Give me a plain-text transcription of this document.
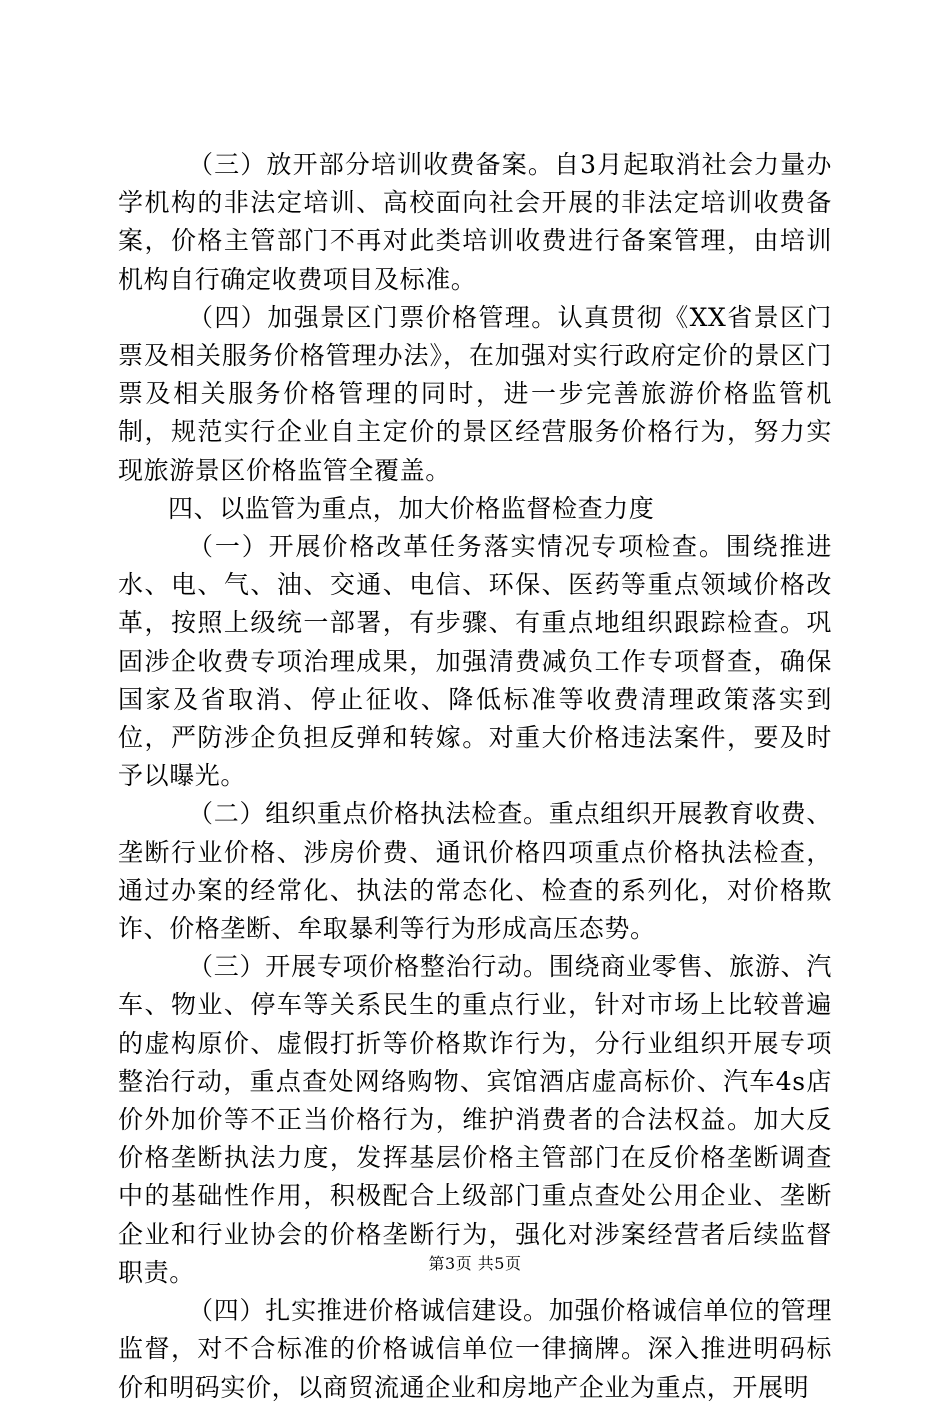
（三）放开部分培训收费备案。自3月起取消社会力量办学机构的非法定培训、高校面向社会开展的非法定培训收费备案，价格主管部门不再对此类培训收费进行备案管理，由培训机构自行确定收费项目及标准。

（四）加强景区门票价格管理。认真贯彻《XX省景区门票及相关服务价格管理办法》，在加强对实行政府定价的景区门票及相关服务价格管理的同时，进一步完善旅游价格监管机制，规范实行企业自主定价的景区经营服务价格行为，努力实现旅游景区价格监管全覆盖。

四、以监管为重点，加大价格监督检查力度

（一）开展价格改革任务落实情况专项检查。围绕推进水、电、气、油、交通、电信、环保、医药等重点领域价格改革，按照上级统一部署，有步骤、有重点地组织跟踪检查。巩固涉企收费专项治理成果，加强清费减负工作专项督查，确保国家及省取消、停止征收、降低标准等收费清理政策落实到位，严防涉企负担反弹和转嫁。对重大价格违法案件，要及时予以曝光。

（二）组织重点价格执法检查。重点组织开展教育收费、垄断行业价格、涉房价费、通讯价格四项重点价格执法检查，通过办案的经常化、执法的常态化、检查的系列化，对价格欺诈、价格垄断、牟取暴利等行为形成高压态势。

（三）开展专项价格整治行动。围绕商业零售、旅游、汽车、物业、停车等关系民生的重点行业，针对市场上比较普遍的虚构原价、虚假打折等价格欺诈行为，分行业组织开展专项整治行动，重点查处网络购物、宾馆酒店虚高标价、汽车4s店价外加价等不正当价格行为，维护消费者的合法权益。加大反价格垄断执法力度，发挥基层价格主管部门在反价格垄断调查中的基础性作用，积极配合上级部门重点查处公用企业、垄断企业和行业协会的价格垄断行为，强化对涉案经营者后续监督职责。

（四）扎实推进价格诚信建设。加强价格诚信单位的管理监督，对不合标准的价格诚信单位一律摘牌。深入推进明码标价和明码实价，以商贸流通企业和房地产企业为重点，开展明

第3页 共5页
